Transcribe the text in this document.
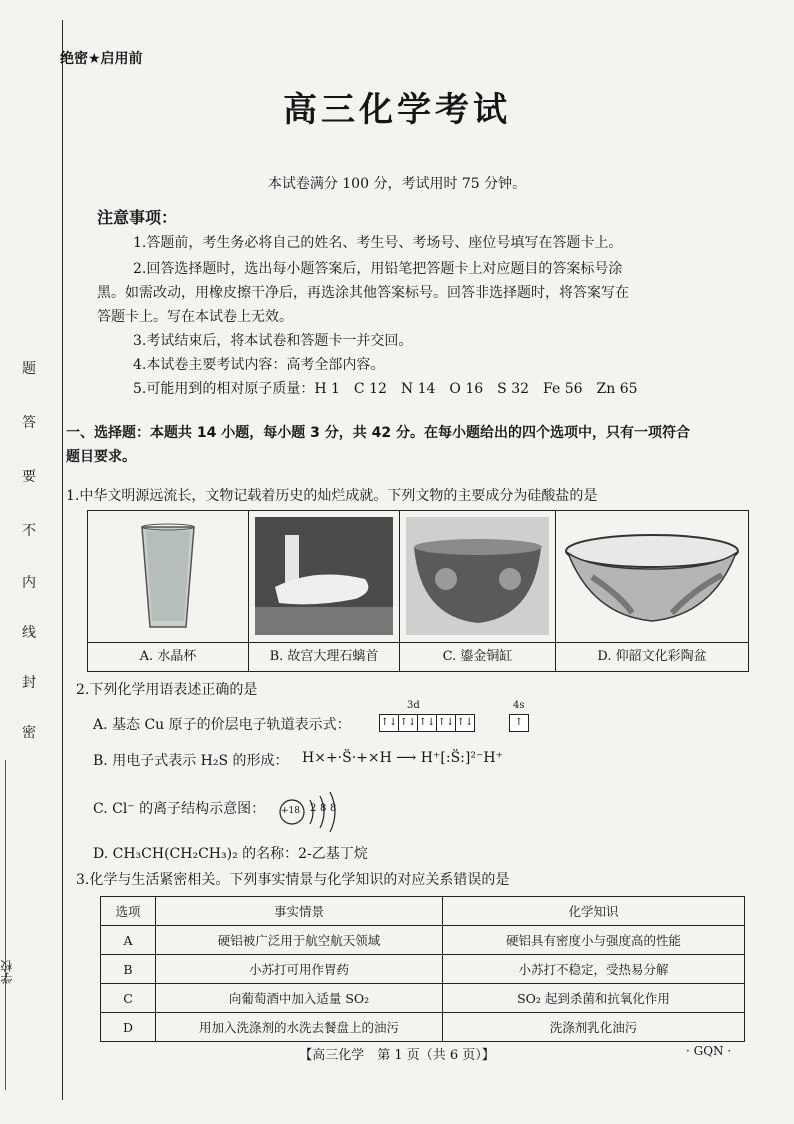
题
答
要
不
内
线
封
密
学校
绝密★启用前
高三化学考试
本试卷满分 100 分，考试用时 75 分钟。
注意事项：
1.答题前，考生务必将自己的姓名、考生号、考场号、座位号填写在答题卡上。
2.回答选择题时，选出每小题答案后，用铅笔把答题卡上对应题目的答案标号涂
黑。如需改动，用橡皮擦干净后，再选涂其他答案标号。回答非选择题时，将答案写在
答题卡上。写在本试卷上无效。
3.考试结束后，将本试卷和答题卡一并交回。
4.本试卷主要考试内容：高考全部内容。
5.可能用到的相对原子质量：H 1　C 12　N 14　O 16　S 32　Fe 56　Zn 65
一、选择题：本题共 14 小题，每小题 3 分，共 42 分。在每小题给出的四个选项中，只有一项符合
题目要求。
1.中华文明源远流长，文物记载着历史的灿烂成就。下列文物的主要成分为硅酸盐的是
A. 水晶杯	B. 故宫大理石螭首	C. 鎏金铜缸	D. 仰韶文化彩陶盆
2.下列化学用语表述正确的是
A. 基态 Cu 原子的价层电子轨道表示式：
3d	4s
↑↓ ↑↓ ↑↓ ↑↓ ↑↓	↑
B. 用电子式表示 H₂S 的形成： H×+·S̈·+×H ⟶ H⁺[:S̈:]²⁻H⁺
C. Cl⁻ 的离子结构示意图： +18 2 8 8
D. CH₃CH(CH₂CH₃)₂ 的名称：2-乙基丁烷
3.化学与生活紧密相关。下列事实情景与化学知识的对应关系错误的是
选项	事实情景	化学知识
A	硬铝被广泛用于航空航天领域	硬铝具有密度小与强度高的性能
B	小苏打可用作胃药	小苏打不稳定，受热易分解
C	向葡萄酒中加入适量 SO₂	SO₂ 起到杀菌和抗氧化作用
D	用加入洗涤剂的水洗去餐盘上的油污	洗涤剂乳化油污
【高三化学　第 1 页（共 6 页）】	· GQN ·
